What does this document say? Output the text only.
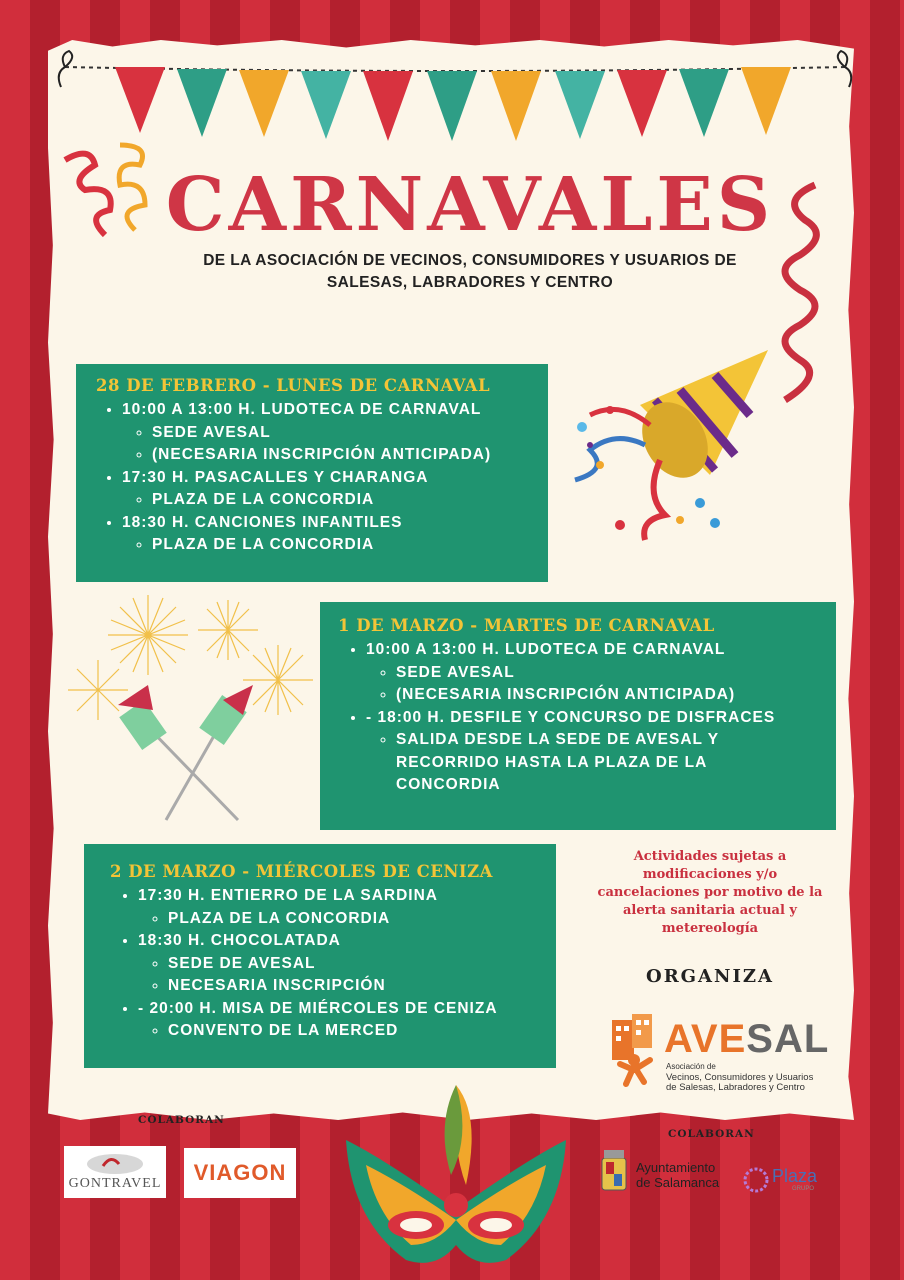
CARNAVALES
DE LA ASOCIACIÓN DE VECINOS, CONSUMIDORES Y USUARIOS DE
SALESAS, LABRADORES Y CENTRO
28 DE FEBRERO - LUNES DE CARNAVAL
• 10:00 A 13:00 H. LUDOTECA DE CARNAVAL
◦ SEDE AVESAL
◦ (NECESARIA INSCRIPCIÓN ANTICIPADA)
• 17:30 H. PASACALLES Y CHARANGA
◦ PLAZA DE LA CONCORDIA
• 18:30 H. CANCIONES INFANTILES
◦ PLAZA DE LA CONCORDIA
1 DE MARZO - MARTES DE CARNAVAL
• 10:00 A 13:00 H. LUDOTECA DE CARNAVAL
◦ SEDE AVESAL
◦ (NECESARIA INSCRIPCIÓN ANTICIPADA)
• - 18:00 H. DESFILE Y CONCURSO DE DISFRACES
◦ SALIDA DESDE LA SEDE DE AVESAL Y RECORRIDO HASTA LA PLAZA DE LA CONCORDIA
2 DE MARZO - MIÉRCOLES DE CENIZA
• 17:30 H. ENTIERRO DE LA SARDINA
◦ PLAZA DE LA CONCORDIA
• 18:30 H. CHOCOLATADA
◦ SEDE DE AVESAL
◦ NECESARIA INSCRIPCIÓN
• - 20:00 H. MISA DE MIÉRCOLES DE CENIZA
◦ CONVENTO DE LA MERCED
Actividades sujetas a modificaciones y/o cancelaciones por motivo de la alerta sanitaria actual y metereología
ORGANIZA
AVESAL
Asociación de
Vecinos, Consumidores y Usuarios
de Salesas, Labradores y Centro
COLABORAN
COLABORAN
GONTRAVEL VIAGON	Ayuntamiento
de Salamanca	Plaza
GRUPO
